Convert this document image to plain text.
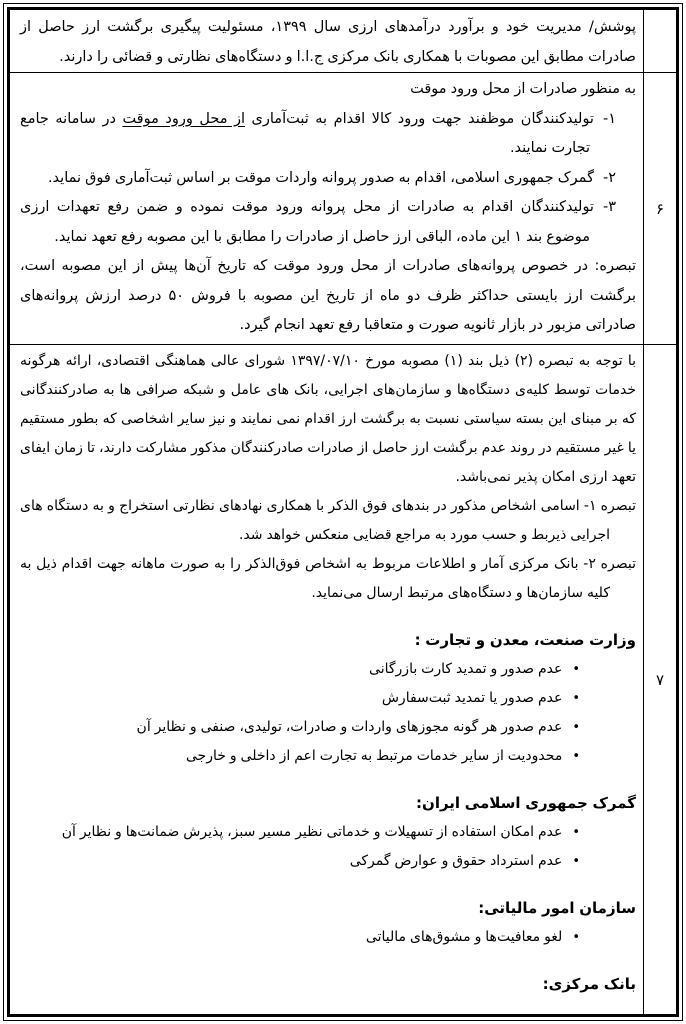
پوشش/ مدیریت خود و برآورد درآمدهای ارزی سال ۱۳۹۹، مسئولیت پیگیری برگشت ارز حاصل از صادرات مطابق این مصوبات با همکاری بانک مرکزی ج.ا.ا و دستگاه‌های نظارتی و قضائی را دارند.

۶

به منظور صادرات از محل ورود موقت

۱-تولیدکنندگان موظفند جهت ورود کالا اقدام به ثبت‌آماری از محل ورود موقت در سامانه جامع تجارت نمایند.

۲-گمرک جمهوری اسلامی، اقدام به صدور پروانه واردات موقت بر اساس ثبت‌آماری فوق نماید.

۳-تولیدکنندگان اقدام به صادرات از محل پروانه ورود موقت نموده و ضمن رفع تعهدات ارزی موضوع بند ۱ این ماده، الباقی ارز حاصل از صادرات را مطابق با این مصوبه رفع تعهد نماید.

تبصره: در خصوص پروانه‌های صادرات از محل ورود موقت که تاریخ آن‌ها پیش از این مصوبه است، برگشت ارز بایستی حداکثر ظرف دو ماه از تاریخ این مصوبه با فروش ۵۰ درصد ارزش پروانه‌های صادراتی مزبور در بازار ثانویه صورت و متعاقبا رفع تعهد انجام گیرد.

۷

با توجه به تبصره (۲) ذیل بند (۱) مصوبه مورخ ۱۳۹۷/۰۷/۱۰ شورای عالی هماهنگی اقتصادی، ارائه هرگونه خدمات توسط کلیه‌ی دستگاه‌ها و سازمان‌های اجرایی، بانک های عامل و شبکه صرافی ها به صادرکنندگانی که بر مبنای این بسته سیاستی نسبت به برگشت ارز اقدام نمی نمایند و نیز سایر اشخاصی که بطور مستقیم یا غیر مستقیم در روند عدم برگشت ارز حاصل از صادرات صادرکنندگان مذکور مشارکت دارند، تا زمان ایفای تعهد ارزی امکان پذیر نمی‌باشد.

تبصره ۱- اسامی اشخاص مذکور در بندهای فوق الذکر با همکاری نهادهای نظارتی استخراج و به دستگاه های اجرایی ذیربط و حسب مورد به مراجع قضایی منعکس خواهد شد.

تبصره ۲- بانک مرکزی آمار و اطلاعات مربوط به اشخاص فوق‌الذکر را به صورت ماهانه جهت اقدام ذیل به کلیه سازمان‌ها و دستگاه‌های مرتبط ارسال می‌نماید.

وزارت صنعت، معدن و تجارت :

•عدم صدور و تمدید کارت بازرگانی

•عدم صدور یا تمدید ثبت‌سفارش

•عدم صدور هر گونه مجوزهای واردات و صادرات، تولیدی، صنفی و نظایر آن

•محدودیت از سایر خدمات مرتبط به تجارت اعم از داخلی و خارجی

گمرک جمهوری اسلامی ایران:

•عدم امکان استفاده از تسهیلات و خدماتی نظیر مسیر سبز، پذیرش ضمانت‌ها و نظایر آن

•عدم استرداد حقوق و عوارض گمرکی

سازمان امور مالیاتی:

•لغو معافیت‌ها و مشوق‌های مالیاتی

بانک مرکزی:
